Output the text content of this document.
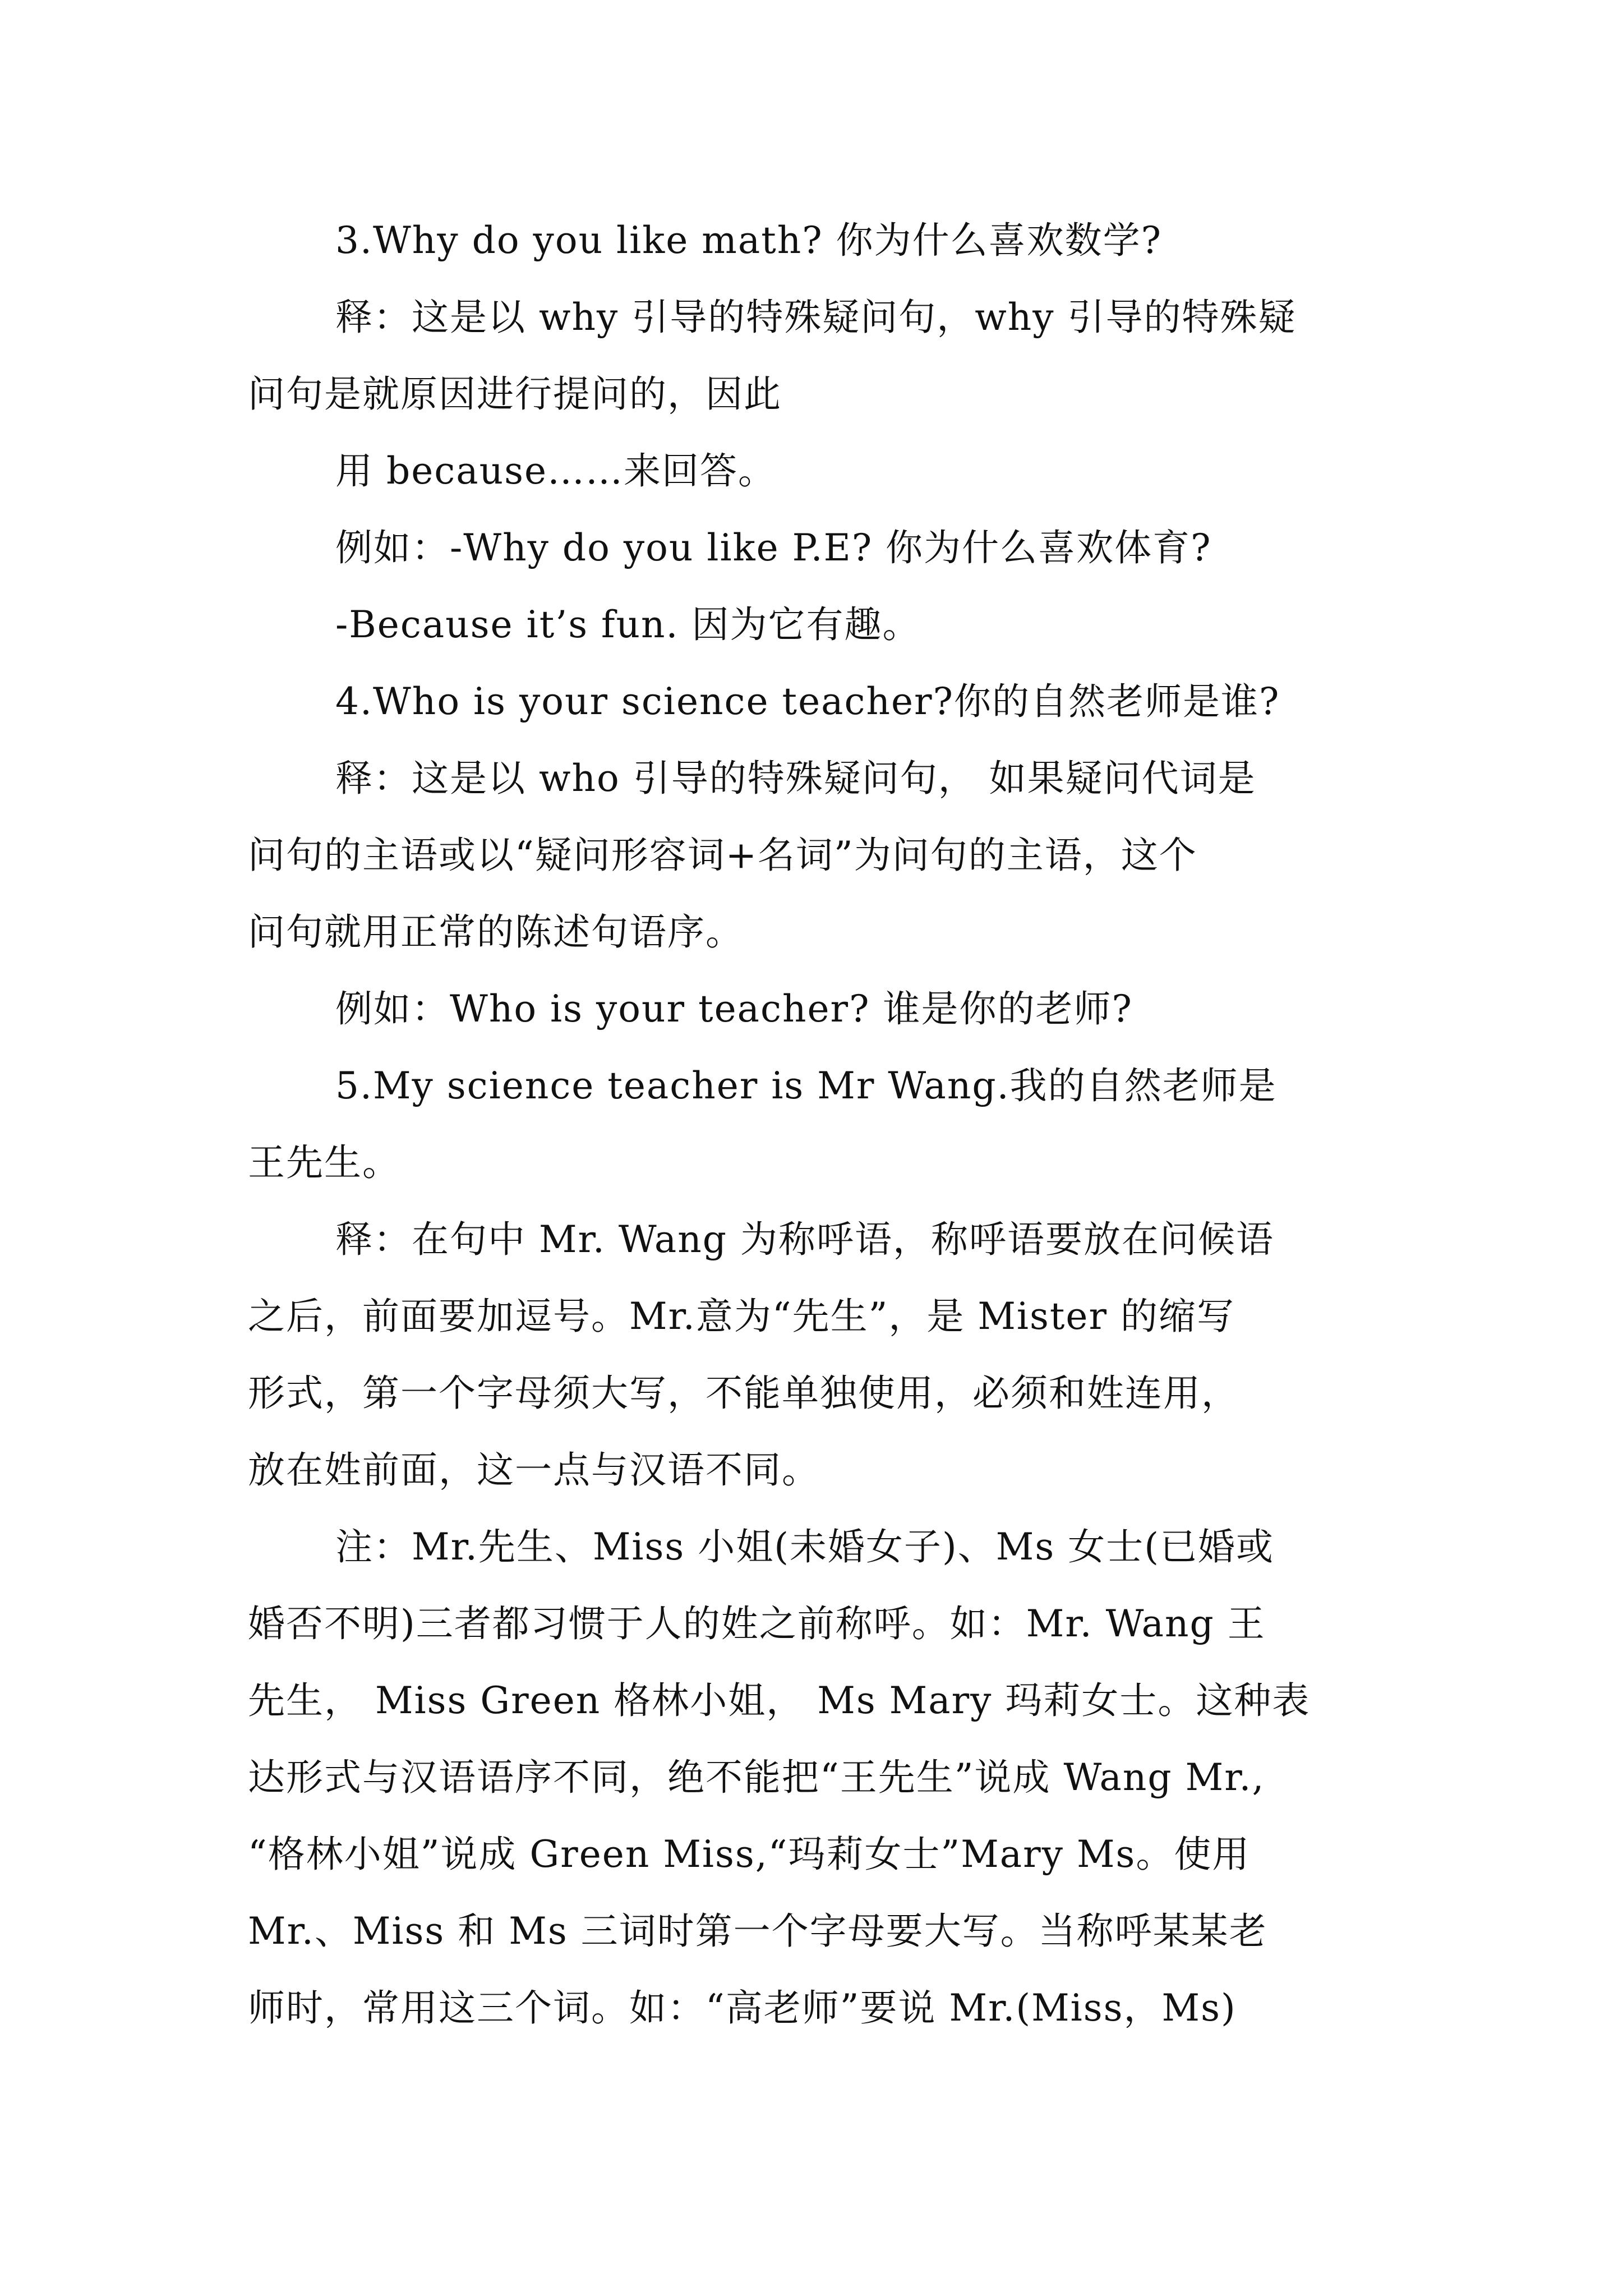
3.Why do you like math? 你为什么喜欢数学?
释：这是以 why 引导的特殊疑问句，why 引导的特殊疑
问句是就原因进行提问的，因此
用 because……来回答。
例如：-Why do you like P.E? 你为什么喜欢体育?
-Because it’s fun. 因为它有趣。
4.Who is your science teacher?你的自然老师是谁?
释：这是以 who 引导的特殊疑问句， 如果疑问代词是
问句的主语或以“疑问形容词+名词”为问句的主语，这个
问句就用正常的陈述句语序。
例如：Who is your teacher? 谁是你的老师?
5.My science teacher is Mr Wang.我的自然老师是
王先生。
释：在句中 Mr. Wang 为称呼语，称呼语要放在问候语
之后，前面要加逗号。Mr.意为“先生”，是 Mister 的缩写
形式，第一个字母须大写，不能单独使用，必须和姓连用，
放在姓前面，这一点与汉语不同。
注：Mr.先生、Miss 小姐(未婚女子)、Ms 女士(已婚或
婚否不明)三者都习惯于人的姓之前称呼。如：Mr. Wang 王
先生， Miss Green 格林小姐， Ms Mary 玛莉女士。这种表
达形式与汉语语序不同，绝不能把“王先生”说成 Wang Mr.,
“格林小姐”说成 Green Miss,“玛莉女士”Mary Ms。使用
Mr.、Miss 和 Ms 三词时第一个字母要大写。当称呼某某老
师时，常用这三个词。如：“高老师”要说 Mr.(Miss，Ms)
